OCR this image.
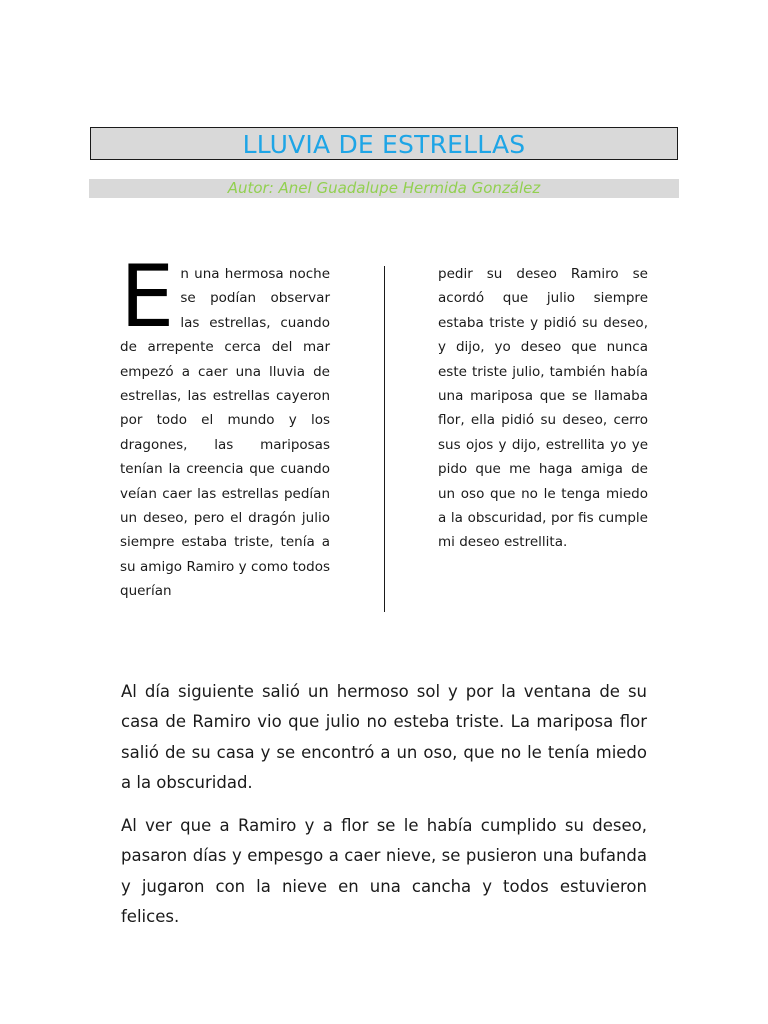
LLUVIA DE ESTRELLAS
Autor: Anel Guadalupe Hermida González
En una hermosa noche se podían observar las estrellas, cuando de arrepente cerca del mar empezó a caer una lluvia de estrellas, las estrellas cayeron por todo el mundo y los dragones, las mariposas tenían la creencia que cuando veían caer las estrellas pedían un deseo, pero el dragón julio siempre estaba triste, tenía a su amigo Ramiro y como todos querían
pedir su deseo Ramiro se acordó que julio siempre estaba triste y pidió su deseo, y dijo, yo deseo que nunca este triste julio, también había una mariposa que se llamaba flor, ella pidió su deseo, cerro sus ojos y dijo, estrellita yo ye pido que me haga amiga de un oso que no le tenga miedo a la obscuridad, por fis cumple mi deseo estrellita.

Al día siguiente salió un hermoso sol y por la ventana de su casa de Ramiro vio que julio no esteba triste. La mariposa flor salió de su casa y se encontró a un oso, que no le tenía miedo a la obscuridad.

Al ver que a Ramiro y a flor se le había cumplido su deseo, pasaron días y empesgo a caer nieve, se pusieron una bufanda y jugaron con la nieve en una cancha y todos estuvieron felices.
